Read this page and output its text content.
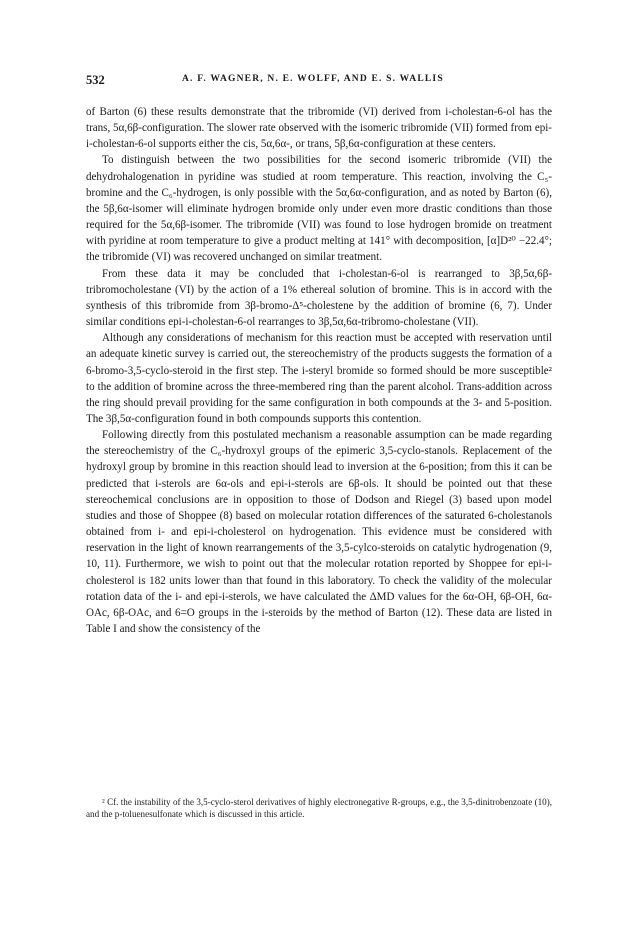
532	A. F. WAGNER, N. E. WOLFF, AND E. S. WALLIS

of Barton (6) these results demonstrate that the tribromide (VI) derived from i-cholestan-6-ol has the trans, 5α,6β-configuration. The slower rate observed with the isomeric tribromide (VII) formed from epi-i-cholestan-6-ol supports either the cis, 5α,6α-, or trans, 5β,6α-configuration at these centers.

To distinguish between the two possibilities for the second isomeric tribromide (VII) the dehydrohalogenation in pyridine was studied at room temperature. This reaction, involving the C₅-bromine and the C₆-hydrogen, is only possible with the 5α,6α-configuration, and as noted by Barton (6), the 5β,6α-isomer will eliminate hydrogen bromide only under even more drastic conditions than those required for the 5α,6β-isomer. The tribromide (VII) was found to lose hydrogen bromide on treatment with pyridine at room temperature to give a product melting at 141° with decomposition, [α]D²⁰ −22.4°; the tribromide (VI) was recovered unchanged on similar treatment.

From these data it may be concluded that i-cholestan-6-ol is rearranged to 3β,5α,6β-tribromocholestane (VI) by the action of a 1% ethereal solution of bromine. This is in accord with the synthesis of this tribromide from 3β-bromo-Δ⁵-cholestene by the addition of bromine (6, 7). Under similar conditions epi-i-cholestan-6-ol rearranges to 3β,5α,6α-tribromo-cholestane (VII).

Although any considerations of mechanism for this reaction must be accepted with reservation until an adequate kinetic survey is carried out, the stereochemistry of the products suggests the formation of a 6-bromo-3,5-cyclo-steroid in the first step. The i-steryl bromide so formed should be more susceptible² to the addition of bromine across the three-membered ring than the parent alcohol. Trans-addition across the ring should prevail providing for the same configuration in both compounds at the 3- and 5-position. The 3β,5α-configuration found in both compounds supports this contention.

Following directly from this postulated mechanism a reasonable assumption can be made regarding the stereochemistry of the C₆-hydroxyl groups of the epimeric 3,5-cyclo-stanols. Replacement of the hydroxyl group by bromine in this reaction should lead to inversion at the 6-position; from this it can be predicted that i-sterols are 6α-ols and epi-i-sterols are 6β-ols. It should be pointed out that these stereochemical conclusions are in opposition to those of Dodson and Riegel (3) based upon model studies and those of Shoppee (8) based on molecular rotation differences of the saturated 6-cholestanols obtained from i- and epi-i-cholesterol on hydrogenation. This evidence must be considered with reservation in the light of known rearrangements of the 3,5-cylco-steroids on catalytic hydrogenation (9, 10, 11). Furthermore, we wish to point out that the molecular rotation reported by Shoppee for epi-i-cholesterol is 182 units lower than that found in this laboratory. To check the validity of the molecular rotation data of the i- and epi-i-sterols, we have calculated the ΔMD values for the 6α-OH, 6β-OH, 6α-OAc, 6β-OAc, and 6=O groups in the i-steroids by the method of Barton (12). These data are listed in Table I and show the consistency of the

² Cf. the instability of the 3,5-cyclo-sterol derivatives of highly electronegative R-groups, e.g., the 3,5-dinitrobenzoate (10), and the p-toluenesulfonate which is discussed in this article.
